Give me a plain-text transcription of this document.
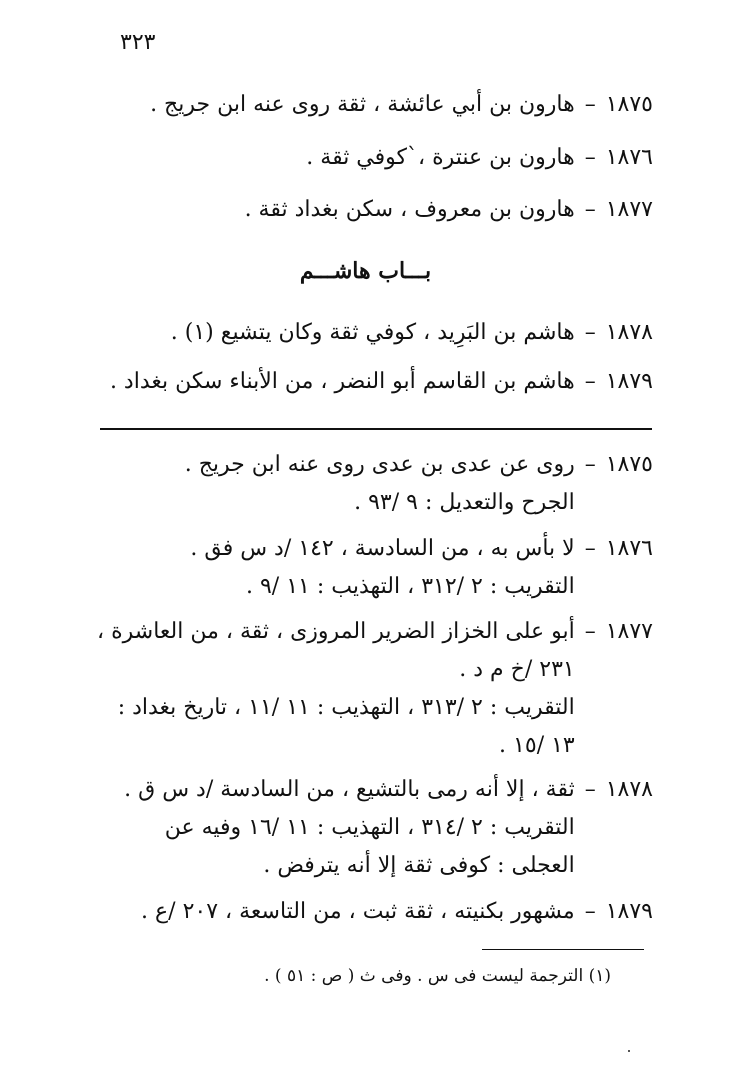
٣٢٣
١٨٧٥–هارون بن أبي عائشة ، ثقة روى عنه ابن جريج .
١٨٧٦–هارون بن عنترة ،`كوفي ثقة .
١٨٧٧–هارون بن معروف ، سكن بغداد ثقة .
بـــاب هاشـــم
١٨٧٨–هاشم بن البَرِيد ، كوفي ثقة وكان يتشيع (١) .
١٨٧٩–هاشم بن القاسم أبو النضر ، من الأبناء سكن بغداد .
١٨٧٥
–
روى عن عدى بن عدى روى عنه ابن جريج .
الجرح والتعديل : ٩ /٩٣ .
١٨٧٦
–
لا بأس به ، من السادسة ، ١٤٢ /د س فق .
التقريب : ٢ /٣١٢ ، التهذيب : ١١ /٩ .
١٨٧٧
–
أبو على الخزاز الضرير المروزى ، ثقة ، من العاشرة ،
٢٣١ /خ م د .
التقريب : ٢ /٣١٣ ، التهذيب : ١١ /١١ ، تاريخ بغداد :
١٣ /١٥ .
١٨٧٨
–
ثقة ، إلا أنه رمى بالتشيع ، من السادسة /د س ق .
التقريب : ٢ /٣١٤ ، التهذيب : ١١ /١٦ وفيه عن
العجلى : كوفى ثقة إلا أنه يترفض .
١٨٧٩
–
مشهور بكنيته ، ثقة ثبت ، من التاسعة ، ٢٠٧ /ع .
(١) الترجمة ليست فى س . وفى ث ( ص : ٥١ ) .
